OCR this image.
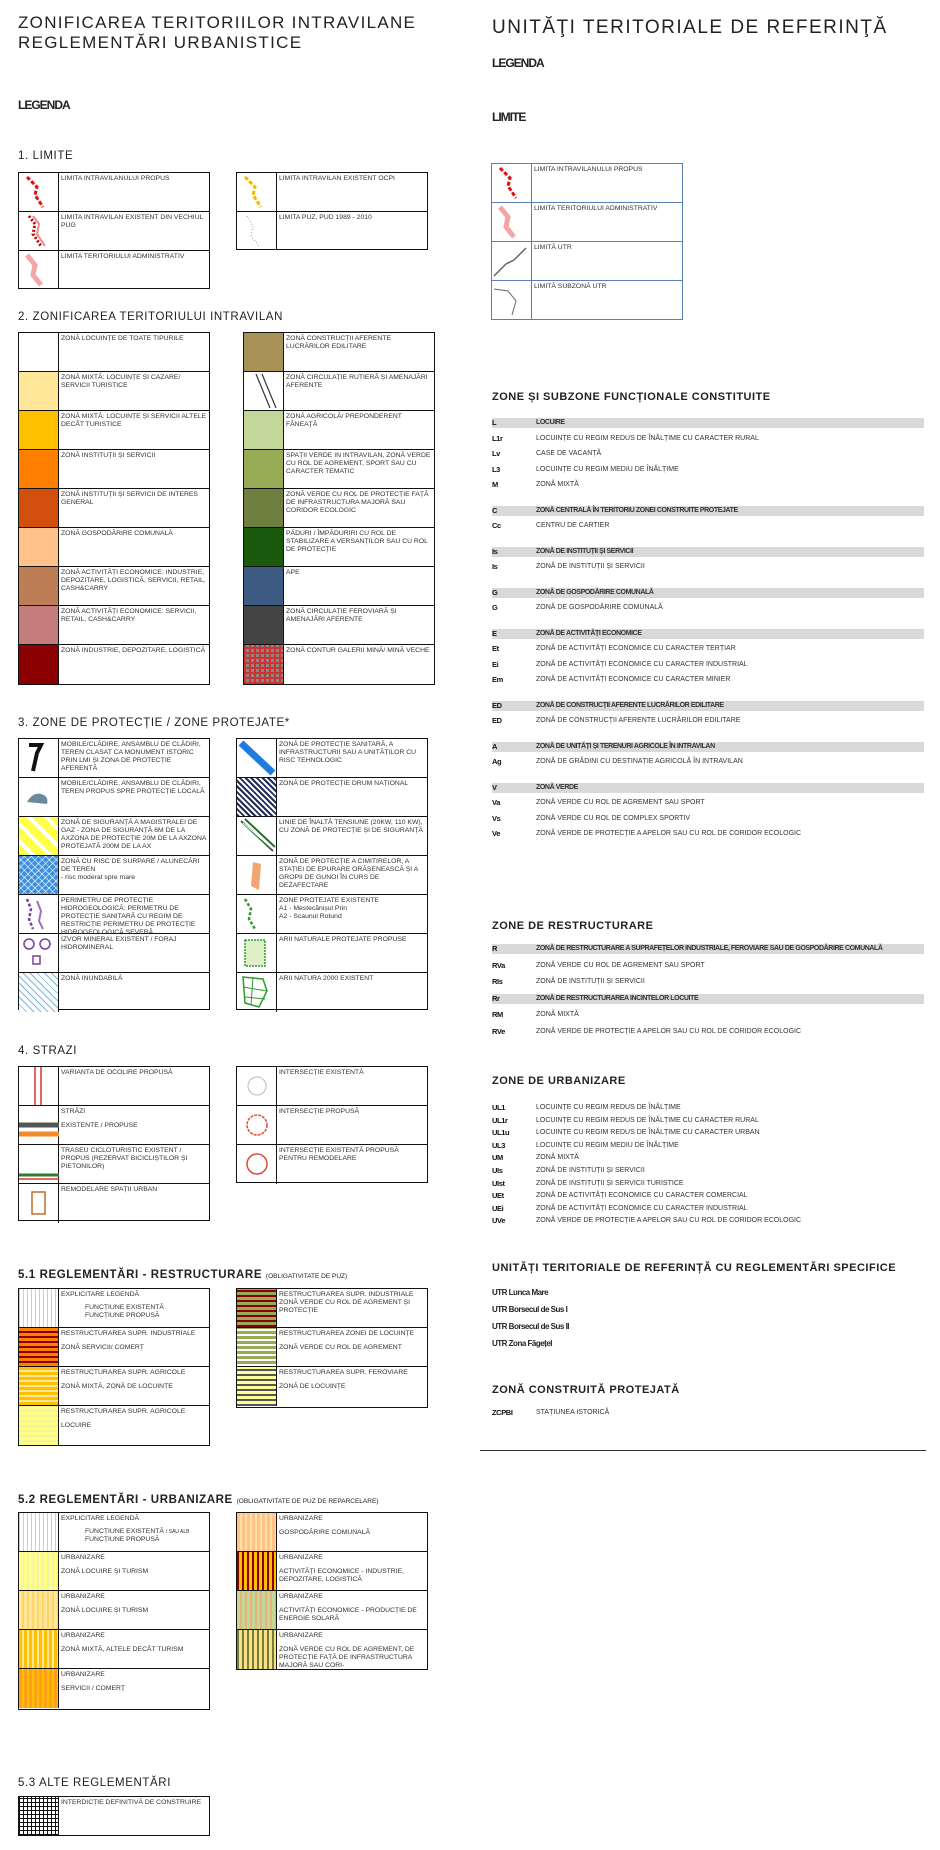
ZONIFICAREA TERITORIILOR INTRAVILANE
REGLEMENTĂRI URBANISTICE
LEGENDA
1. LIMITE
LIMITA INTRAVILANULUI PROPUS
LIMITA INTRAVILAN EXISTENT DIN VECHIUL PUG
LIMITA TERITORIULUI ADMINISTRATIV
LIMITA INTRAVILAN EXISTENT OCPI
LIMITA PUZ, PUD 1989 - 2010
2. ZONIFICAREA TERITORIULUI INTRAVILAN
ZONĂ LOCUINȚE DE TOATE TIPURILE
ZONĂ MIXTĂ: LOCUINȚE ȘI CAZARE/ SERVICII TURISTICE
ZONĂ MIXTĂ: LOCUINȚE ȘI SERVICII ALTELE DECÂT TURISTICE
ZONĂ INSTITUȚII ȘI SERVICII
ZONĂ INSTITUȚII ȘI SERVICII DE INTERES GENERAL
ZONĂ GOSPODĂRIRE COMUNALĂ
ZONĂ ACTIVITĂȚI ECONOMICE: INDUSTRIE, DEPOZITARE, LOGISTICĂ, SERVICII, RETAIL, CASH&CARRY
ZONĂ ACTIVITĂȚI ECONOMICE: SERVICII, RETAIL, CASH&CARRY
ZONĂ INDUSTRIE, DEPOZITARE, LOGISTICĂ
ZONĂ CONSTRUCȚII AFERENTE LUCRĂRILOR EDILITARE
ZONĂ CIRCULAȚIE RUTIERĂ ȘI AMENAJĂRI AFERENTE
ZONĂ AGRICOLĂ/ PREPONDERENT FÂNEAȚĂ
SPAȚII VERDE IN INTRAVILAN, ZONĂ VERDE CU ROL DE AGREMENT, SPORT SAU CU CARACTER TEMATIC
ZONĂ VERDE CU ROL DE PROTECȚIE FAȚĂ DE INFRASTRUCTURA MAJORĂ SAU CORIDOR ECOLOGIC
PĂDURI / ÎMPĂDURIRI CU ROL DE STABILIZARE A VERSANȚILOR SAU CU ROL DE PROTECȚIE
APE
ZONĂ CIRCULAȚIE FEROVIARĂ ȘI AMENAJĂRI AFERENTE
ZONĂ CONTUR GALERII MINĂ/ MINĂ VECHE
3. ZONE DE PROTECȚIE / ZONE PROTEJATE*
MOBILE/CLĂDIRE, ANSAMBLU DE CLĂDIRI, TEREN CLASAT CA MONUMENT ISTORIC PRIN LMI ȘI ZONA DE PROTECȚIE AFERENTĂ
MOBILE/CLĂDIRE, ANSAMBLU DE CLĂDIRI, TEREN PROPUS SPRE PROTECȚIE LOCALĂ
ZONĂ DE SIGURANȚĂ A MAGISTRALEI DE GAZ - ZONA DE SIGURANȚĂ 6M DE LA AXZONA DE PROTECȚIE 20M DE LA AXZONA PROTEJATĂ 200M DE LA AX
ZONĂ CU RISC DE SURPARE / ALUNECĂRI DE TEREN
- risc moderat spre mare
PERIMETRU DE PROTECȚIE HIDROGEOLOGICĂ: PERIMETRU DE PROTECȚIE SANITARĂ CU REGIM DE RESTRICȚIE PERIMETRU DE PROTECȚIE HIDROGEOLOGICĂ SEVERĂ
IZVOR MINERAL EXISTENT / FORAJ HIDROMINERAL
ZONĂ INUNDABILĂ
ZONĂ DE PROTECȚIE SANITARĂ, A INFRASTRUCTURII SAU A UNITĂȚILOR CU RISC TEHNOLOGIC
ZONĂ DE PROTECȚIE DRUM NAȚIONAL
LINIE DE ÎNALTĂ TENSIUNE (20KW, 110 KW), CU ZONĂ DE PROTECȚIE ȘI DE SIGURANȚĂ
ZONĂ DE PROTECȚIE A CIMITIRELOR, A STAȚIEI DE EPURARE ORĂȘENEASCĂ ȘI A GROPII DE GUNOI ÎN CURS DE DEZAFECTARE
ZONE PROTEJATE EXISTENTE
A1 - Mestecănișul Prin
A2 - Scaunul Rotund
ARII NATURALE PROTEJATE PROPUSE
ARII NATURA 2000 EXISTENT
4. STRAZI
VARIANTA DE OCOLIRE PROPUSĂ
STRĂZI
EXISTENTE / PROPUSE
TRASEU CICLOTURISTIC EXISTENT / PROPUS (REZERVAT BICICLIȘTILOR ȘI PIETONILOR)
REMODELARE SPAȚII URBAN
INTERSECȚIE EXISTENTĂ
INTERSECȚIE PROPUSĂ
INTERSECȚIE EXISTENTĂ PROPUSĂ PENTRU REMODELARE
5.1 REGLEMENTĂRI - RESTRUCTURARE (OBLIGATIVITATE DE PUZ)
EXPLICITARE LEGENDĂ
FUNCȚIUNE EXISTENTĂ
FUNCȚIUNE PROPUSĂ
RESTRUCTURAREA SUPR. INDUSTRIALE
ZONĂ SERVICII/ COMERȚ
RESTRUCTURAREA SUPR. AGRICOLE
ZONĂ MIXTĂ, ZONĂ DE LOCUINȚE
RESTRUCTURAREA SUPR. AGRICOLE
LOCUIRE
RESTRUCTURAREA SUPR. INDUSTRIALE ZONĂ VERDE CU ROL DE AGREMENT ȘI PROTECȚIE
RESTRUCTURAREA ZONEI DE LOCUINȚE
ZONĂ VERDE CU ROL DE AGREMENT
RESTRUCTURAREA SUPR. FEROVIARE
ZONĂ DE LOCUINȚE
5.2 REGLEMENTĂRI - URBANIZARE (OBLIGATIVITATE DE PUZ DE REPARCELARE)
EXPLICITARE LEGENDĂ
FUNCȚIUNE EXISTENTĂ / SAU ALB
FUNCȚIUNE PROPUSĂ
URBANIZARE
ZONĂ LOCUIRE ȘI TURISM
URBANIZARE
ZONĂ LOCUIRE ȘI TURISM
URBANIZARE
ZONĂ MIXTĂ, ALTELE DECÂT TURISM
URBANIZARE
SERVICII / COMERȚ
URBANIZARE
GOSPODĂRIRE COMUNALĂ
URBANIZARE
ACTIVITĂȚI ECONOMICE - INDUSTRIE, DEPOZITARE, LOGISTICĂ
URBANIZARE
ACTIVITĂȚI ECONOMICE - PRODUCȚIE DE ENERGIE SOLARĂ
URBANIZARE
ZONĂ VERDE CU ROL DE AGREMENT, DE PROTECȚIE FAȚĂ DE INFRASTRUCTURA MAJORĂ SAU CORI-
5.3 ALTE REGLEMENTĂRI
INTERDICȚIE DEFINITIVĂ DE CONSTRUIRE
UNITĂŢI TERITORIALE DE REFERINŢĂ
LEGENDA
LIMITE
LIMITA INTRAVILANULUI PROPUS
LIMITA TERITORIULUI ADMINISTRATIV
LIMITĂ UTR
LIMITĂ SUBZONĂ UTR
ZONE ȘI SUBZONE FUNCȚIONALE CONSTITUITE
L	LOCUIRE
L1r	LOCUINȚE CU REGIM REDUS DE ÎNĂLȚIME CU CARACTER RURAL
Lv	CASE DE VACANȚĂ
L3	LOCUINȚE CU REGIM MEDIU DE ÎNĂLȚIME
M	ZONĂ MIXTĂ
C	ZONĂ CENTRALĂ ÎN TERITORIU ZONEI CONSTRUITE PROTEJATE
Cc	CENTRU DE CARTIER
Is	ZONĂ DE INSTITUȚII ȘI SERVICII
Is	ZONĂ DE INSTITUȚII ȘI SERVICII
G	ZONĂ DE GOSPODĂRIRE COMUNALĂ
G	ZONĂ DE GOSPODĂRIRE COMUNALĂ
E	ZONĂ DE ACTIVITĂȚI ECONOMICE
Et	ZONĂ DE ACTIVITĂȚI ECONOMICE CU CARACTER TERȚIAR
Ei	ZONĂ DE ACTIVITĂȚI ECONOMICE CU CARACTER INDUSTRIAL
Em	ZONĂ DE ACTIVITĂȚI ECONOMICE CU CARACTER MINIER
ED	ZONĂ DE CONSTRUCȚII AFERENTE LUCRĂRILOR EDILITARE
ED	ZONĂ DE CONSTRUCȚII AFERENTE LUCRĂRILOR EDILITARE
A	ZONĂ DE UNITĂȚI ȘI TERENURI AGRICOLE ÎN INTRAVILAN
Ag	ZONĂ DE GRĂDINI CU DESTINAȚIE AGRICOLĂ ÎN INTRAVILAN
V	ZONĂ VERDE
Va	ZONĂ VERDE CU ROL DE AGREMENT SAU SPORT
Vs	ZONĂ VERDE CU ROL DE COMPLEX SPORTIV
Ve	ZONĂ VERDE DE PROTECȚIE A APELOR SAU CU ROL DE CORIDOR ECOLOGIC
ZONE DE RESTRUCTURARE
R	ZONĂ DE RESTRUCTURARE A SUPRAFEȚELOR INDUSTRIALE, FEROVIARE SAU DE GOSPODĂRIRE COMUNALĂ
RVa	ZONĂ VERDE CU ROL DE AGREMENT SAU SPORT
RIs	ZONĂ DE INSTITUȚII ȘI SERVICII
Rr	ZONĂ DE RESTRUCTURAREA INCINTELOR LOCUITE
RM	ZONĂ MIXTĂ
RVe	ZONĂ VERDE DE PROTECȚIE A APELOR SAU CU ROL DE CORIDOR ECOLOGIC
ZONE DE URBANIZARE
UL1	LOCUINȚE CU REGIM REDUS DE ÎNĂLȚIME
UL1r	LOCUINȚE CU REGIM REDUS DE ÎNĂLȚIME CU CARACTER RURAL
UL1u	LOCUINȚE CU REGIM REDUS DE ÎNĂLȚIME CU CARACTER URBAN
UL3	LOCUINȚE CU REGIM MEDIU DE ÎNĂLȚIME
UM	ZONĂ MIXTĂ
UIs	ZONĂ DE INSTITUȚII ȘI SERVICII
UIst	ZONĂ DE INSTITUȚII ȘI SERVICII TURISTICE
UEt	ZONĂ DE ACTIVITĂȚI ECONOMICE CU CARACTER COMERCIAL
UEi	ZONĂ DE ACTIVITĂȚI ECONOMICE CU CARACTER INDUSTRIAL
UVe	ZONĂ VERDE DE PROTECȚIE A APELOR SAU CU ROL DE CORIDOR ECOLOGIC
UNITĂȚI TERITORIALE DE REFERINȚĂ CU REGLEMENTĂRI SPECIFICE
UTR Lunca Mare
UTR Borsecul de Sus I
UTR Borsecul de Sus II
UTR Zona Făgețel
ZONĂ CONSTRUITĂ PROTEJATĂ
ZCPBI	STAȚIUNEA ISTORICĂ
